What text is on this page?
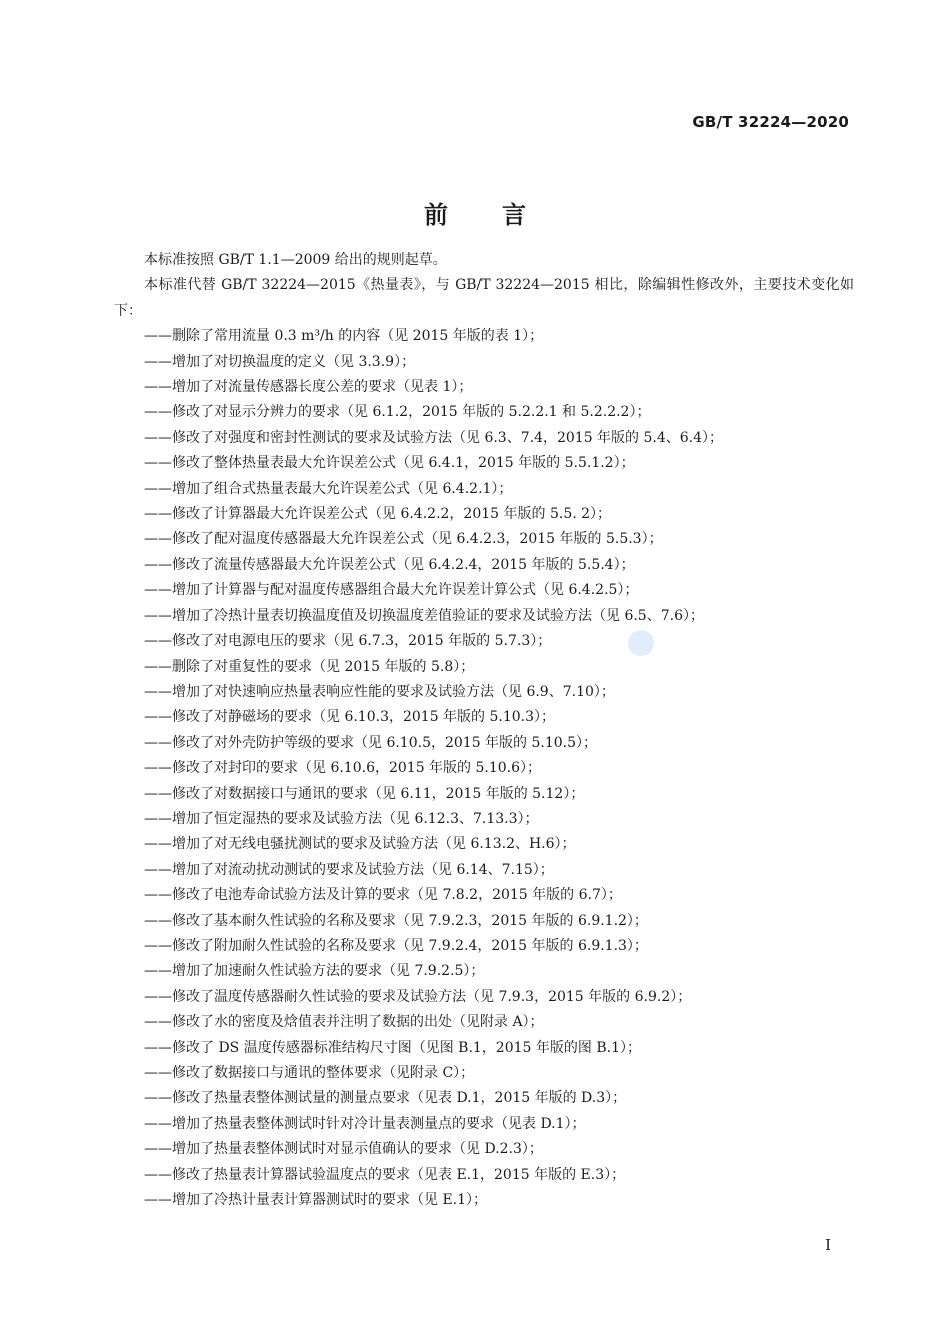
GB/T 32224—2020
前言

本标准按照 GB/T 1.1—2009 给出的规则起草。

本标准代替 GB/T 32224—2015《热量表》，与 GB/T 32224—2015 相比，除编辑性修改外，主要技术变化如下：

——删除了常用流量 0.3 m³/h 的内容（见 2015 年版的表 1）；
——增加了对切换温度的定义（见 3.3.9）；
——增加了对流量传感器长度公差的要求（见表 1）；
——修改了对显示分辨力的要求（见 6.1.2，2015 年版的 5.2.2.1 和 5.2.2.2）；
——修改了对强度和密封性测试的要求及试验方法（见 6.3、7.4，2015 年版的 5.4、6.4）；
——修改了整体热量表最大允许误差公式（见 6.4.1，2015 年版的 5.5.1.2）；
——增加了组合式热量表最大允许误差公式（见 6.4.2.1）；
——修改了计算器最大允许误差公式（见 6.4.2.2，2015 年版的 5.5. 2）；
——修改了配对温度传感器最大允许误差公式（见 6.4.2.3，2015 年版的 5.5.3）；
——修改了流量传感器最大允许误差公式（见 6.4.2.4，2015 年版的 5.5.4）；
——增加了计算器与配对温度传感器组合最大允许误差计算公式（见 6.4.2.5）；
——增加了冷热计量表切换温度值及切换温度差值验证的要求及试验方法（见 6.5、7.6）；
——修改了对电源电压的要求（见 6.7.3，2015 年版的 5.7.3）；
——删除了对重复性的要求（见 2015 年版的 5.8）；
——增加了对快速响应热量表响应性能的要求及试验方法（见 6.9、7.10）；
——修改了对静磁场的要求（见 6.10.3，2015 年版的 5.10.3）；
——修改了对外壳防护等级的要求（见 6.10.5，2015 年版的 5.10.5）；
——修改了对封印的要求（见 6.10.6，2015 年版的 5.10.6）；
——修改了对数据接口与通讯的要求（见 6.11，2015 年版的 5.12）；
——增加了恒定湿热的要求及试验方法（见 6.12.3、7.13.3）；
——增加了对无线电骚扰测试的要求及试验方法（见 6.13.2、H.6）；
——增加了对流动扰动测试的要求及试验方法（见 6.14、7.15）；
——修改了电池寿命试验方法及计算的要求（见 7.8.2，2015 年版的 6.7）；
——修改了基本耐久性试验的名称及要求（见 7.9.2.3，2015 年版的 6.9.1.2）；
——修改了附加耐久性试验的名称及要求（见 7.9.2.4，2015 年版的 6.9.1.3）；
——增加了加速耐久性试验方法的要求（见 7.9.2.5）；
——修改了温度传感器耐久性试验的要求及试验方法（见 7.9.3，2015 年版的 6.9.2）；
——修改了水的密度及焓值表并注明了数据的出处（见附录 A）；
——修改了 DS 温度传感器标准结构尺寸图（见图 B.1，2015 年版的图 B.1）；
——修改了数据接口与通讯的整体要求（见附录 C）；
——修改了热量表整体测试量的测量点要求（见表 D.1，2015 年版的 D.3）；
——增加了热量表整体测试时针对冷计量表测量点的要求（见表 D.1）；
——增加了热量表整体测试时对显示值确认的要求（见 D.2.3）；
——修改了热量表计算器试验温度点的要求（见表 E.1，2015 年版的 E.3）；
——增加了冷热计量表计算器测试时的要求（见 E.1）；
I
